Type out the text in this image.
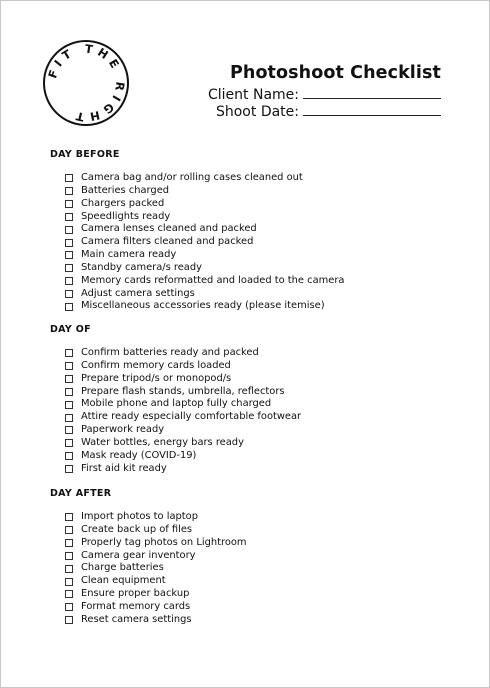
FIT THE RIGHT
Photoshoot Checklist
Client Name:
Shoot Date:
DAY BEFORE
Camera bag and/or rolling cases cleaned out
Batteries charged
Chargers packed
Speedlights ready
Camera lenses cleaned and packed
Camera filters cleaned and packed
Main camera ready
Standby camera/s ready
Memory cards reformatted and loaded to the camera
Adjust camera settings
Miscellaneous accessories ready (please itemise)
DAY OF
Confirm batteries ready and packed
Confirm memory cards loaded
Prepare tripod/s or monopod/s
Prepare flash stands, umbrella, reflectors
Mobile phone and laptop fully charged
Attire ready especially comfortable footwear
Paperwork ready
Water bottles, energy bars ready
Mask ready (COVID-19)
First aid kit ready
DAY AFTER
Import photos to laptop
Create back up of files
Properly tag photos on Lightroom
Camera gear inventory
Charge batteries
Clean equipment
Ensure proper backup
Format memory cards
Reset camera settings
